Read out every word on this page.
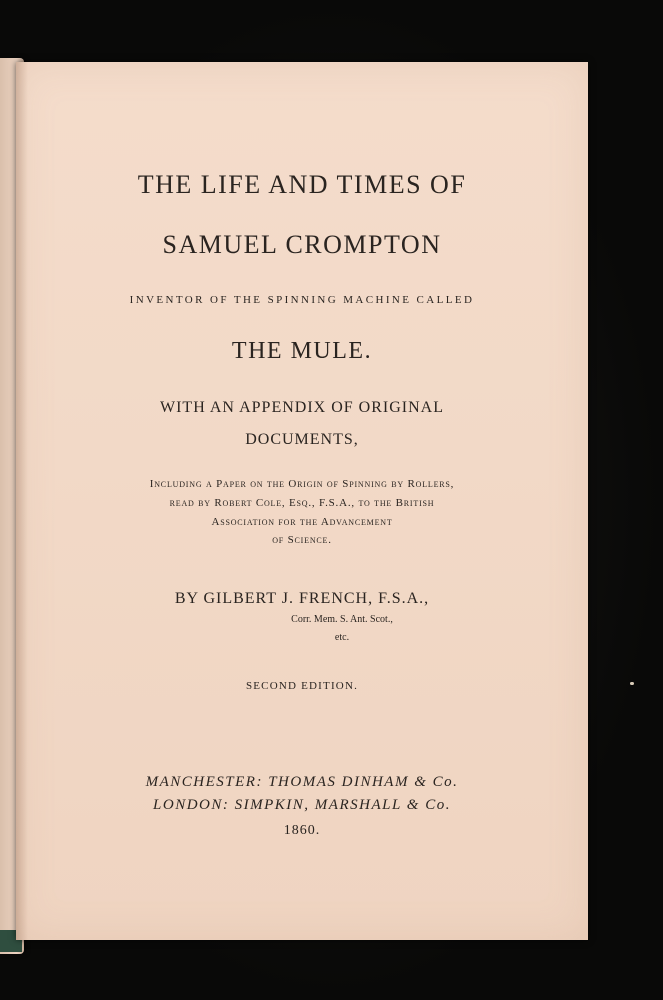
THE LIFE AND TIMES OF
SAMUEL CROMPTON
INVENTOR OF THE SPINNING MACHINE CALLED
THE MULE.
WITH AN APPENDIX OF ORIGINAL
DOCUMENTS,
Including a Paper on the Origin of Spinning by Rollers,
read by Robert Cole, Esq., F.S.A., to the British
Association for the Advancement
of Science.
BY GILBERT J. FRENCH, F.S.A.,
Corr. Mem. S. Ant. Scot.,
etc.
SECOND EDITION.
MANCHESTER: THOMAS DINHAM & Co.
LONDON: SIMPKIN, MARSHALL & Co.
1860.
